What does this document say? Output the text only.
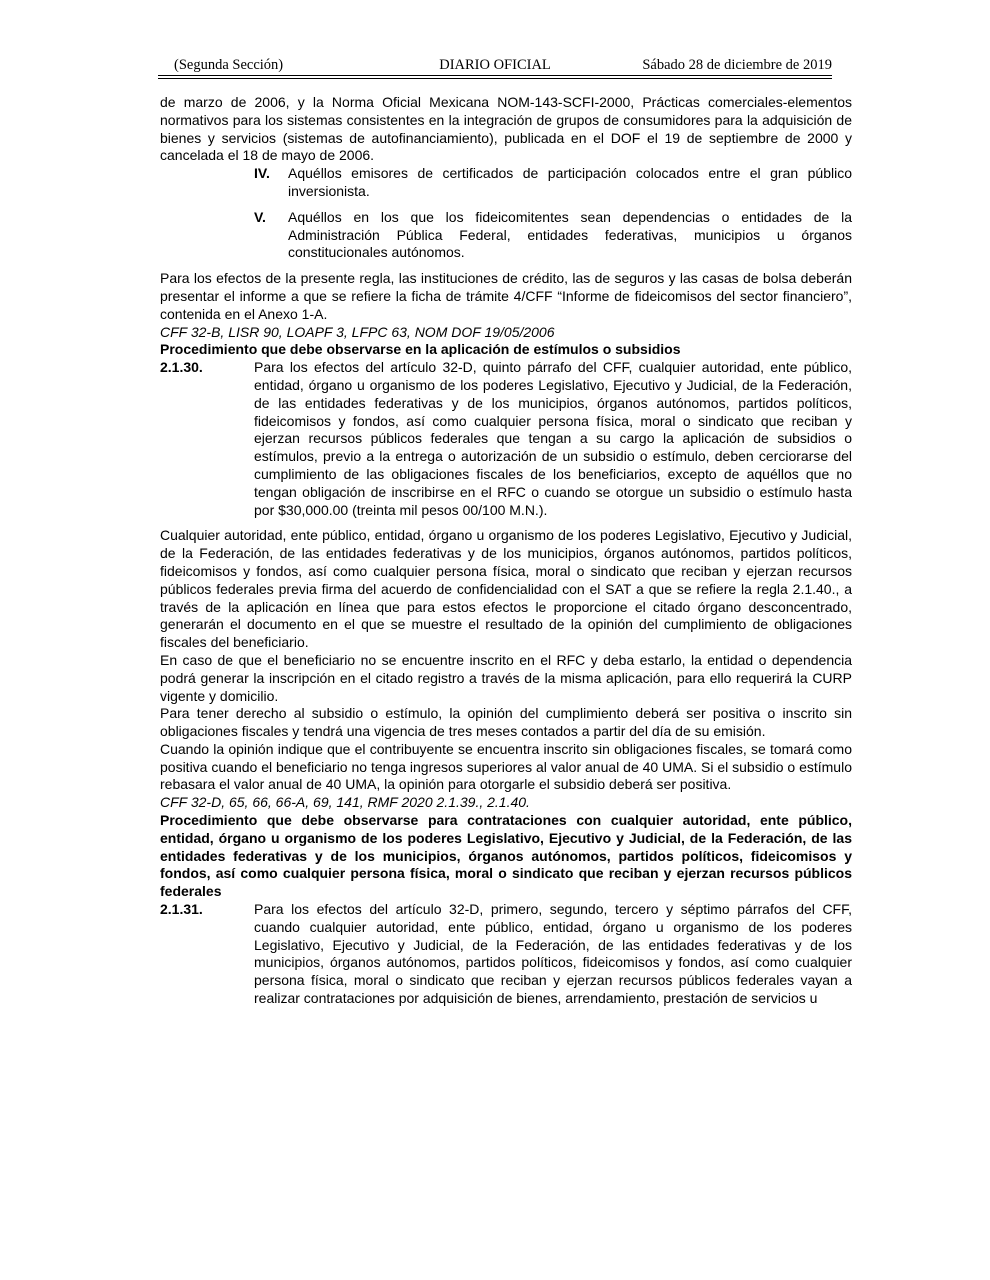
(Segunda Sección)	DIARIO OFICIAL	Sábado 28 de diciembre de 2019

de marzo de 2006, y la Norma Oficial Mexicana NOM-143-SCFI-2000, Prácticas comerciales-elementos normativos para los sistemas consistentes en la integración de grupos de consumidores para la adquisición de bienes y servicios (sistemas de autofinanciamiento), publicada en el DOF el 19 de septiembre de 2000 y cancelada el 18 de mayo de 2006.

IV.	Aquéllos emisores de certificados de participación colocados entre el gran público inversionista.
V.	Aquéllos en los que los fideicomitentes sean dependencias o entidades de la Administración Pública Federal, entidades federativas, municipios u órganos constitucionales autónomos.

Para los efectos de la presente regla, las instituciones de crédito, las de seguros y las casas de bolsa deberán presentar el informe a que se refiere la ficha de trámite 4/CFF “Informe de fideicomisos del sector financiero”, contenida en el Anexo 1-A.

CFF 32-B, LISR 90, LOAPF 3, LFPC 63, NOM DOF 19/05/2006

Procedimiento que debe observarse en la aplicación de estímulos o subsidios

2.1.30.	Para los efectos del artículo 32-D, quinto párrafo del CFF, cualquier autoridad, ente público, entidad, órgano u organismo de los poderes Legislativo, Ejecutivo y Judicial, de la Federación, de las entidades federativas y de los municipios, órganos autónomos, partidos políticos, fideicomisos y fondos, así como cualquier persona física, moral o sindicato que reciban y ejerzan recursos públicos federales que tengan a su cargo la aplicación de subsidios o estímulos, previo a la entrega o autorización de un subsidio o estímulo, deben cerciorarse del cumplimiento de las obligaciones fiscales de los beneficiarios, excepto de aquéllos que no tengan obligación de inscribirse en el RFC o cuando se otorgue un subsidio o estímulo hasta por $30,000.00 (treinta mil pesos 00/100 M.N.).

Cualquier autoridad, ente público, entidad, órgano u organismo de los poderes Legislativo, Ejecutivo y Judicial, de la Federación, de las entidades federativas y de los municipios, órganos autónomos, partidos políticos, fideicomisos y fondos, así como cualquier persona física, moral o sindicato que reciban y ejerzan recursos públicos federales previa firma del acuerdo de confidencialidad con el SAT a que se refiere la regla 2.1.40., a través de la aplicación en línea que para estos efectos le proporcione el citado órgano desconcentrado, generarán el documento en el que se muestre el resultado de la opinión del cumplimiento de obligaciones fiscales del beneficiario.

En caso de que el beneficiario no se encuentre inscrito en el RFC y deba estarlo, la entidad o dependencia podrá generar la inscripción en el citado registro a través de la misma aplicación, para ello requerirá la CURP vigente y domicilio.

Para tener derecho al subsidio o estímulo, la opinión del cumplimiento deberá ser positiva o inscrito sin obligaciones fiscales y tendrá una vigencia de tres meses contados a partir del día de su emisión.

Cuando la opinión indique que el contribuyente se encuentra inscrito sin obligaciones fiscales, se tomará como positiva cuando el beneficiario no tenga ingresos superiores al valor anual de 40 UMA. Si el subsidio o estímulo rebasara el valor anual de 40 UMA, la opinión para otorgarle el subsidio deberá ser positiva.

CFF 32-D, 65, 66, 66-A, 69, 141, RMF 2020 2.1.39., 2.1.40.

Procedimiento que debe observarse para contrataciones con cualquier autoridad, ente público, entidad, órgano u organismo de los poderes Legislativo, Ejecutivo y Judicial, de la Federación, de las entidades federativas y de los municipios, órganos autónomos, partidos políticos, fideicomisos y fondos, así como cualquier persona física, moral o sindicato que reciban y ejerzan recursos públicos federales

2.1.31.	Para los efectos del artículo 32-D, primero, segundo, tercero y séptimo párrafos del CFF, cuando cualquier autoridad, ente público, entidad, órgano u organismo de los poderes Legislativo, Ejecutivo y Judicial, de la Federación, de las entidades federativas y de los municipios, órganos autónomos, partidos políticos, fideicomisos y fondos, así como cualquier persona física, moral o sindicato que reciban y ejerzan recursos públicos federales vayan a realizar contrataciones por adquisición de bienes, arrendamiento, prestación de servicios u
